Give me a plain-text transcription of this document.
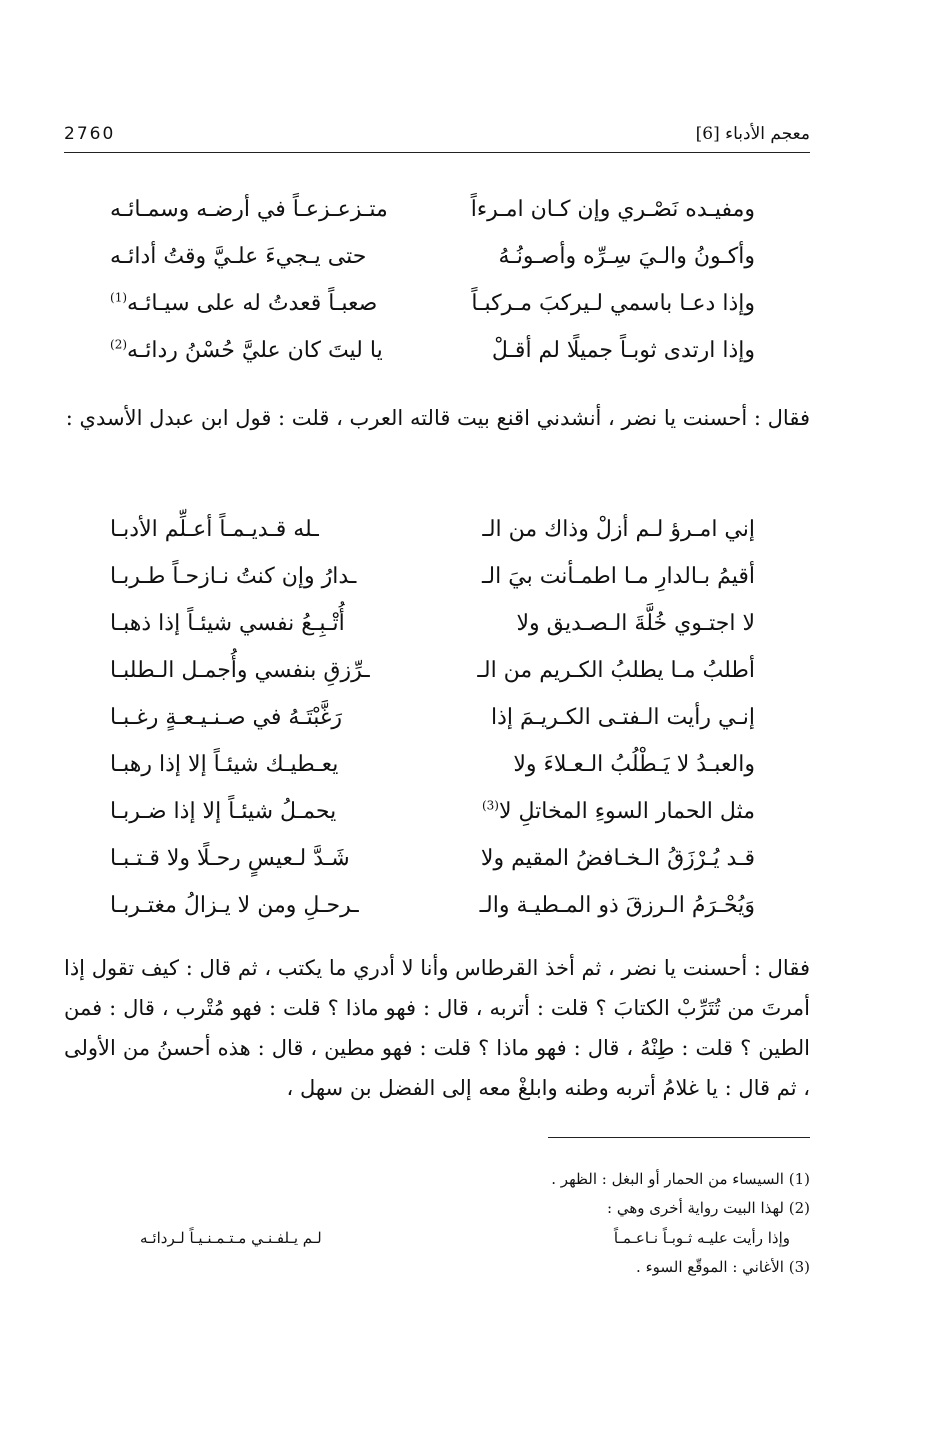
2760	معجم الأدباء [6]
ومفيـده نَصْـري وإن كـان امـرءاً
متـزعـزعـاً في أرضـه وسمـائـه
وأكـونُ والـيَ سِـرِّه وأصـونُـهُ
حتى يـجيءَ علـيَّ وقتُ أدائـه
وإذا دعـا باسمي لـيركبَ مـركبـاً
صعبـاً قعدتُ له على سيـائـه$^{(1)}$
وإذا ارتدى ثوبـاً جميلًا لم أقـلْ
يا ليتَ كان عليَّ حُسْنُ ردائـه$^{(2)}$

فقال : أحسنت يا نضر ، أنشدني اقنع بيت قالته العرب ، قلت : قول ابن عبدل الأسدي :

إني امـرؤ لـم أزلْ وذاك من الـ
ـله قـديـمـاً أعـلِّم الأدبـا
أقيمُ بـالدارِ مـا اطمـأنت بيَ الـ
ـدارُ وإن كنتُ نـازحـاً طـربـا
لا اجتـوي خُلَّةَ الـصـديق ولا
أُتْـبِـعُ نفسي شيئـاً إذا ذهبـا
أطلبُ مـا يطلبُ الكـريم من الـ
ـرِّزقِ بنفسي وأُجمـل الـطلبـا
إنـي رأيت الـفتـى الكـريـمَ إذا
رَغَّبْتَـهُ في صـنـيـعـةٍ رغـبـا
والعبـدُ لا يَـطْلُبُ الـعـلاءَ ولا
يعـطيـك شيئـاً إلا إذا رهبـا
مثل الحمار السوءِ المخاتلِ لا$^{(3)}$
يحمـلُ شيئـاً إلا إذا ضـربـا
قـد يُـرْزَقُ الـخـافضُ المقيم ولا
شَـدَّ لـعيسٍ رحـلًا ولا قـتـبـا
وَيُحْـرَمُ الـرزقَ ذو المـطيـة والـ
ـرحـلِ ومن لا يـزالُ مغتـربـا

فقال : أحسنت يا نضر ، ثم أخذ القرطاس وأنا لا أدري ما يكتب ، ثم قال : كيف تقول إذا أمرتَ من تُتَرِّبْ الكتابَ ؟ قلت : أتربه ، قال : فهو ماذا ؟ قلت : فهو مُتْرب ، قال : فمن الطين ؟ قلت : طِنْهُ ، قال : فهو ماذا ؟ قلت : فهو مطين ، قال : هذه أحسنُ من الأولى ، ثم قال : يا غلامُ أتربه وطنه وابلغْ معه إلى الفضل بن سهل ،

(1) السيساء من الحمار أو البغل : الظهر .
(2) لهذا البيت رواية أخرى وهي :
وإذا رأيت عليـه ثـوبـاً نـاعـمـاً
لـم يـلفـنـي مـتـمـنـيـاً لـردائـه
(3) الأغاني : الموقّع السوء .
